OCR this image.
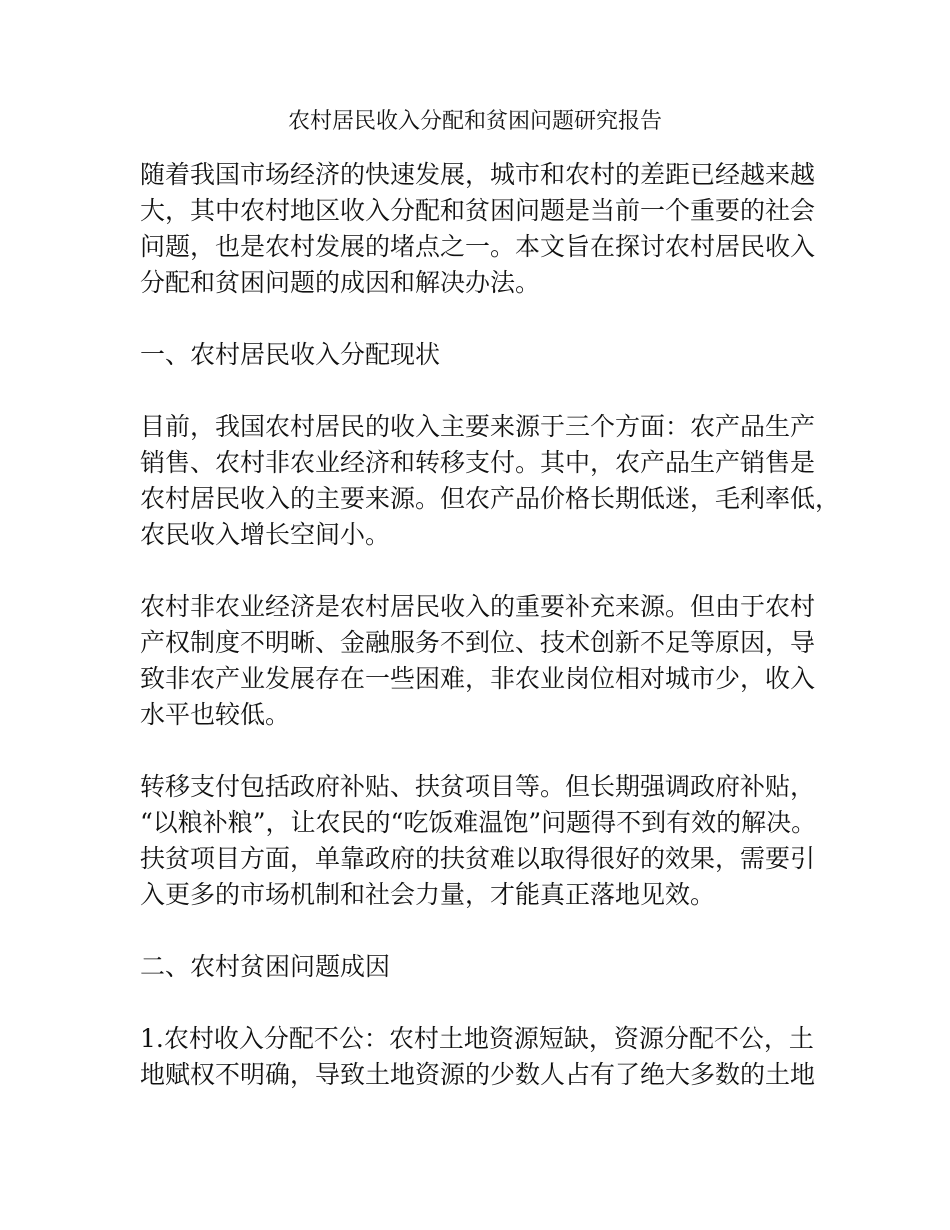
农村居民收入分配和贫困问题研究报告

随着我国市场经济的快速发展，城市和农村的差距已经越来越

大，其中农村地区收入分配和贫困问题是当前一个重要的社会

问题，也是农村发展的堵点之一。本文旨在探讨农村居民收入

分配和贫困问题的成因和解决办法。

一、农村居民收入分配现状

目前，我国农村居民的收入主要来源于三个方面：农产品生产

销售、农村非农业经济和转移支付。其中，农产品生产销售是

农村居民收入的主要来源。但农产品价格长期低迷，毛利率低，

农民收入增长空间小。

农村非农业经济是农村居民收入的重要补充来源。但由于农村

产权制度不明晰、金融服务不到位、技术创新不足等原因，导

致非农产业发展存在一些困难，非农业岗位相对城市少，收入

水平也较低。

转移支付包括政府补贴、扶贫项目等。但长期强调政府补贴，

“以粮补粮”，让农民的“吃饭难温饱”问题得不到有效的解决。

扶贫项目方面，单靠政府的扶贫难以取得很好的效果，需要引

入更多的市场机制和社会力量，才能真正落地见效。

二、农村贫困问题成因

1.农村收入分配不公：农村土地资源短缺，资源分配不公，土

地赋权不明确，导致土地资源的少数人占有了绝大多数的土地
